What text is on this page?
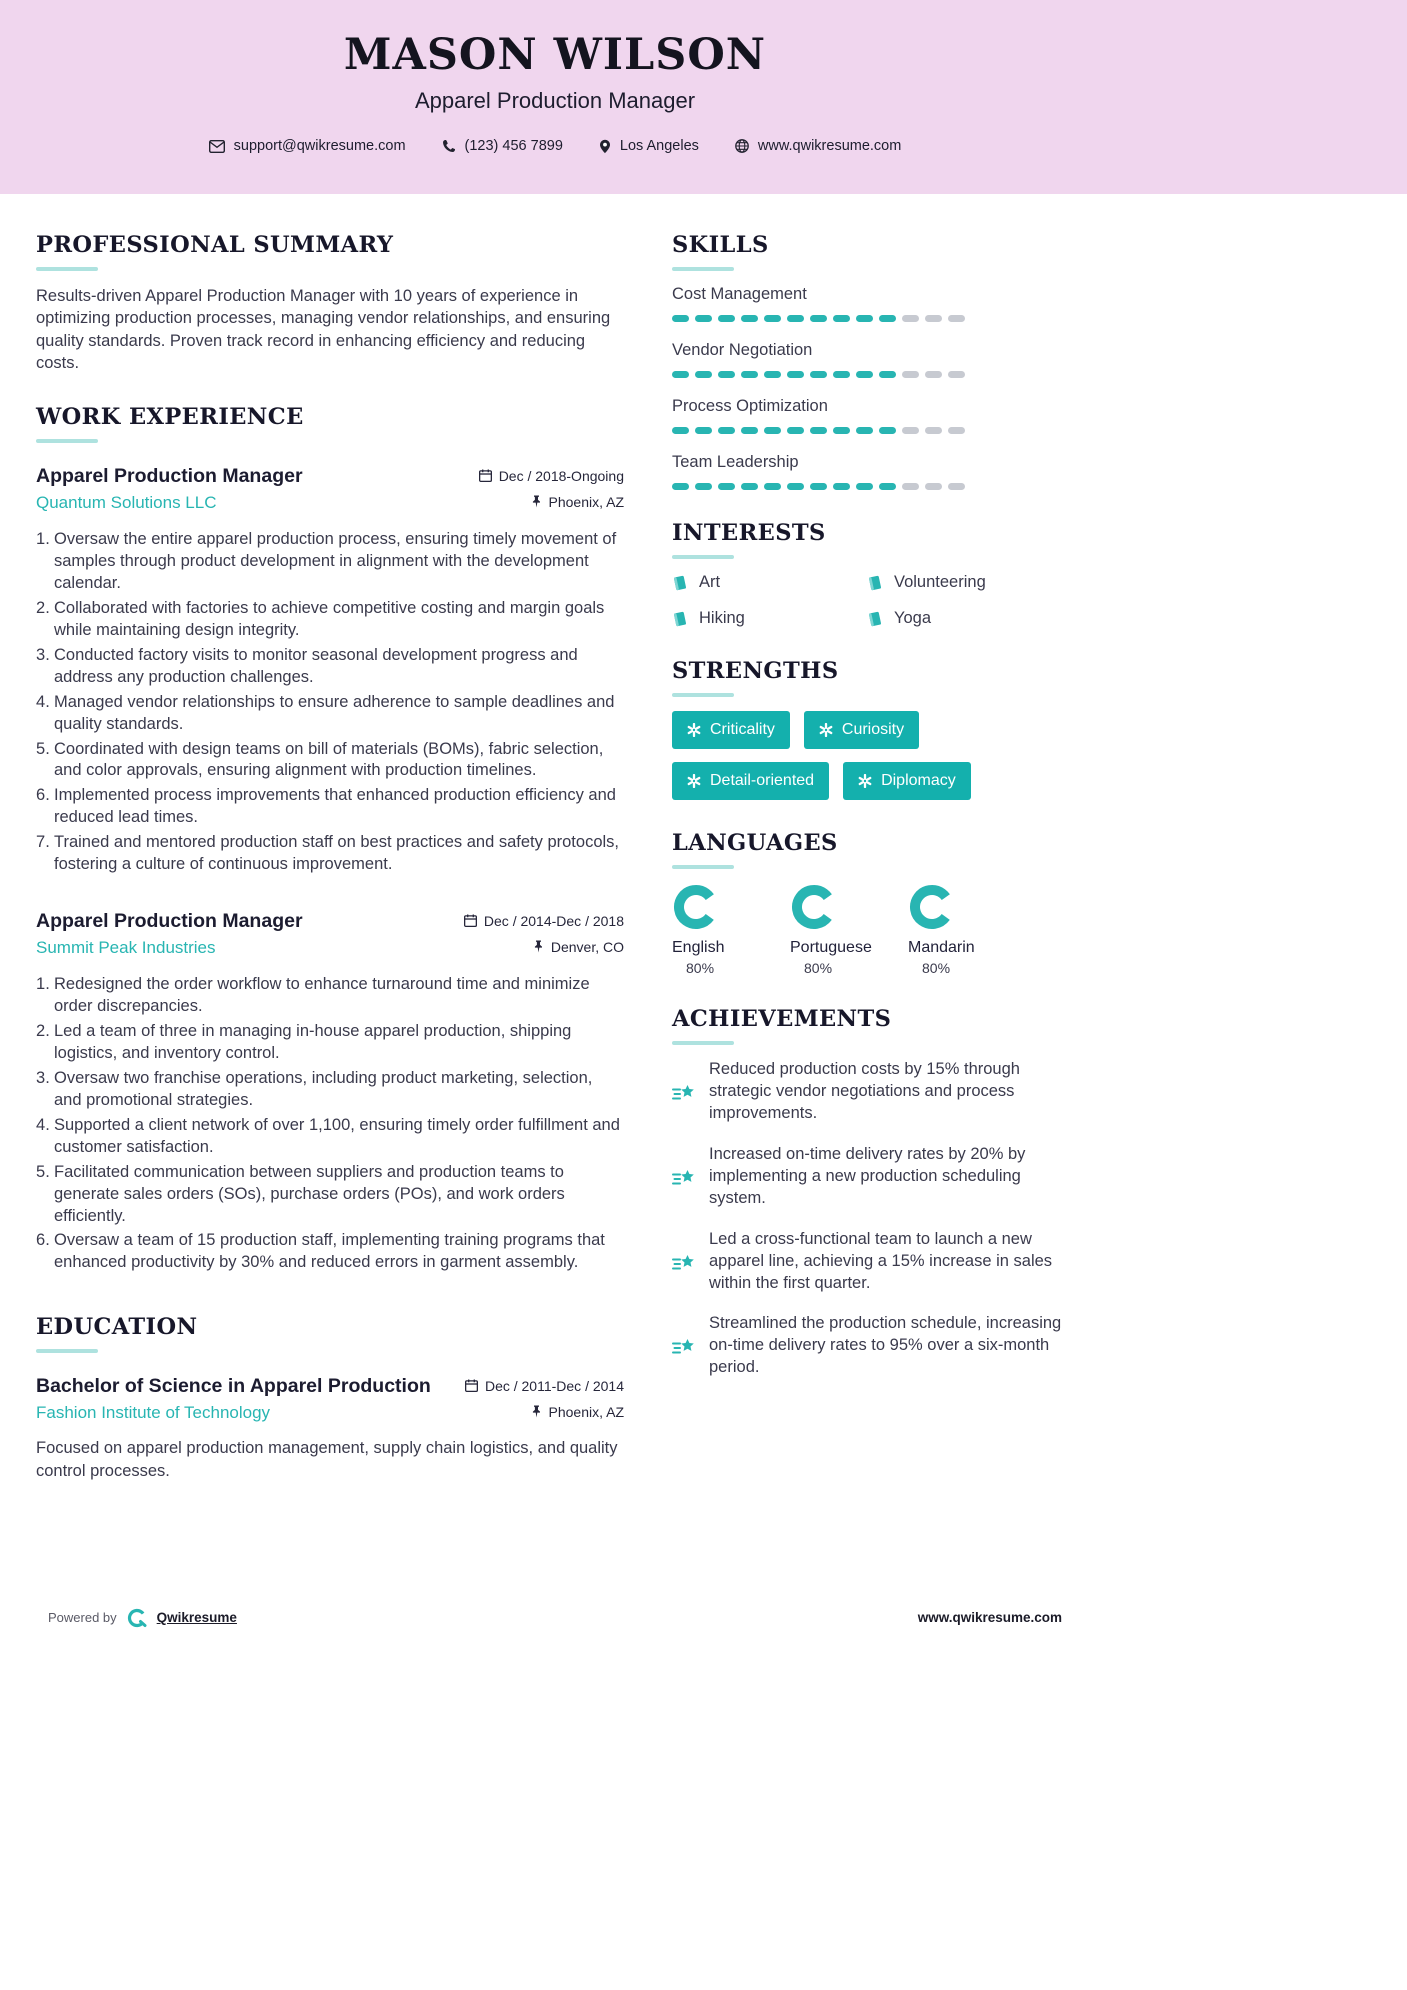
MASON WILSON
Apparel Production Manager
support@qwikresume.com	(123) 456 7899	Los Angeles	www.qwikresume.com
PROFESSIONAL SUMMARY

Results-driven Apparel Production Manager with 10 years of experience in optimizing production processes, managing vendor relationships, and ensuring quality standards. Proven track record in enhancing efficiency and reducing costs.

WORK EXPERIENCE
Apparel Production Manager	Dec / 2018-Ongoing
Quantum Solutions LLC	Phoenix, AZ
Oversaw the entire apparel production process, ensuring timely movement of samples through product development in alignment with the development calendar.
Collaborated with factories to achieve competitive costing and margin goals while maintaining design integrity.
Conducted factory visits to monitor seasonal development progress and address any production challenges.
Managed vendor relationships to ensure adherence to sample deadlines and quality standards.
Coordinated with design teams on bill of materials (BOMs), fabric selection, and color approvals, ensuring alignment with production timelines.
Implemented process improvements that enhanced production efficiency and reduced lead times.
Trained and mentored production staff on best practices and safety protocols, fostering a culture of continuous improvement.
Apparel Production Manager	Dec / 2014-Dec / 2018
Summit Peak Industries	Denver, CO
Redesigned the order workflow to enhance turnaround time and minimize order discrepancies.
Led a team of three in managing in-house apparel production, shipping logistics, and inventory control.
Oversaw two franchise operations, including product marketing, selection, and promotional strategies.
Supported a client network of over 1,100, ensuring timely order fulfillment and customer satisfaction.
Facilitated communication between suppliers and production teams to generate sales orders (SOs), purchase orders (POs), and work orders efficiently.
Oversaw a team of 15 production staff, implementing training programs that enhanced productivity by 30% and reduced errors in garment assembly.
EDUCATION
Bachelor of Science in Apparel Production	Dec / 2011-Dec / 2014
Fashion Institute of Technology	Phoenix, AZ

Focused on apparel production management, supply chain logistics, and quality control processes.

SKILLS
Cost Management
Vendor Negotiation
Process Optimization
Team Leadership
INTERESTS
Art	Volunteering
Hiking	Yoga
STRENGTHS
Criticality	Curiosity
Detail-oriented	Diplomacy
LANGUAGES
English
80%
Portuguese
80%
Mandarin
80%
ACHIEVEMENTS
Reduced production costs by 15% through strategic vendor negotiations and process improvements.
Increased on-time delivery rates by 20% by implementing a new production scheduling system.
Led a cross-functional team to launch a new apparel line, achieving a 15% increase in sales within the first quarter.
Streamlined the production schedule, increasing on-time delivery rates to 95% over a six-month period.
Powered by	Qwikresume	www.qwikresume.com
